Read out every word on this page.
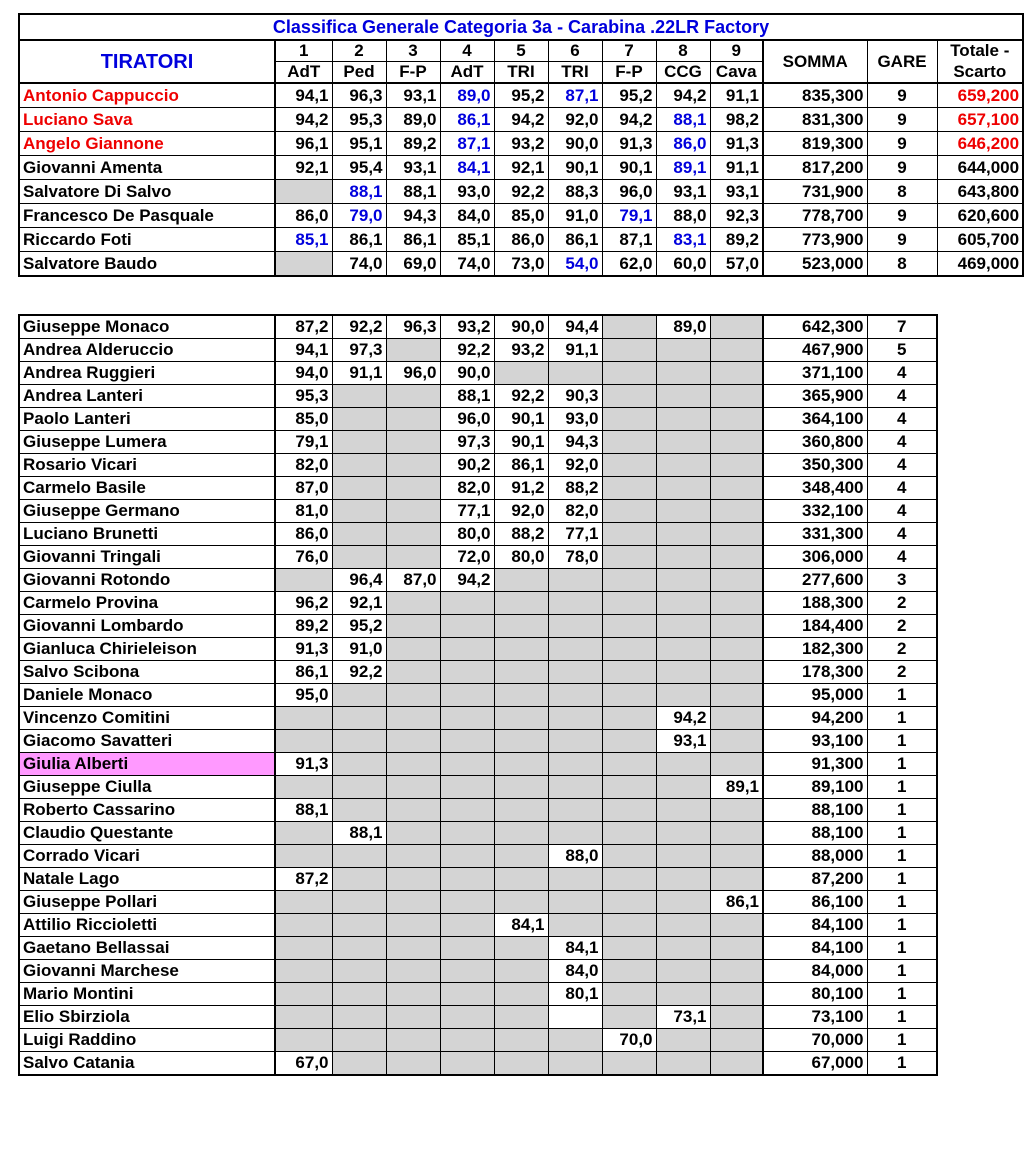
Classifica Generale Categoria 3a - Carabina .22LR Factory												
TIRATORI	1	2	3	4	5	6	7	8	9	SOMMA	GARE	Totale -
	AdT	Ped	F-P	AdT	TRI	TRI	F-P	CCG	Cava			Scarto
Antonio Cappuccio	94,1	96,3	93,1	89,0	95,2	87,1	95,2	94,2	91,1	835,300	9	659,200
Luciano Sava	94,2	95,3	89,0	86,1	94,2	92,0	94,2	88,1	98,2	831,300	9	657,100
Angelo Giannone	96,1	95,1	89,2	87,1	93,2	90,0	91,3	86,0	91,3	819,300	9	646,200
Giovanni Amenta	92,1	95,4	93,1	84,1	92,1	90,1	90,1	89,1	91,1	817,200	9	644,000
Salvatore Di Salvo		88,1	88,1	93,0	92,2	88,3	96,0	93,1	93,1	731,900	8	643,800
Francesco De Pasquale	86,0	79,0	94,3	84,0	85,0	91,0	79,1	88,0	92,3	778,700	9	620,600
Riccardo Foti	85,1	86,1	86,1	85,1	86,0	86,1	87,1	83,1	89,2	773,900	9	605,700
Salvatore Baudo		74,0	69,0	74,0	73,0	54,0	62,0	60,0	57,0	523,000	8	469,000
Giuseppe Monaco	87,2	92,2	96,3	93,2	90,0	94,4		89,0		642,300	7
Andrea Alderuccio	94,1	97,3		92,2	93,2	91,1				467,900	5
Andrea Ruggieri	94,0	91,1	96,0	90,0						371,100	4
Andrea Lanteri	95,3			88,1	92,2	90,3				365,900	4
Paolo Lanteri	85,0			96,0	90,1	93,0				364,100	4
Giuseppe Lumera	79,1			97,3	90,1	94,3				360,800	4
Rosario Vicari	82,0			90,2	86,1	92,0				350,300	4
Carmelo Basile	87,0			82,0	91,2	88,2				348,400	4
Giuseppe Germano	81,0			77,1	92,0	82,0				332,100	4
Luciano Brunetti	86,0			80,0	88,2	77,1				331,300	4
Giovanni Tringali	76,0			72,0	80,0	78,0				306,000	4
Giovanni Rotondo		96,4	87,0	94,2						277,600	3
Carmelo Provina	96,2	92,1								188,300	2
Giovanni Lombardo	89,2	95,2								184,400	2
Gianluca Chirieleison	91,3	91,0								182,300	2
Salvo Scibona	86,1	92,2								178,300	2
Daniele Monaco	95,0									95,000	1
Vincenzo Comitini								94,2		94,200	1
Giacomo Savatteri								93,1		93,100	1
Giulia Alberti	91,3									91,300	1
Giuseppe Ciulla									89,1	89,100	1
Roberto Cassarino	88,1									88,100	1
Claudio Questante		88,1								88,100	1
Corrado Vicari						88,0				88,000	1
Natale Lago	87,2									87,200	1
Giuseppe Pollari									86,1	86,100	1
Attilio Riccioletti					84,1					84,100	1
Gaetano Bellassai						84,1				84,100	1
Giovanni Marchese						84,0				84,000	1
Mario Montini						80,1				80,100	1
Elio Sbirziola								73,1		73,100	1
Luigi Raddino							70,0			70,000	1
Salvo Catania	67,0									67,000	1
